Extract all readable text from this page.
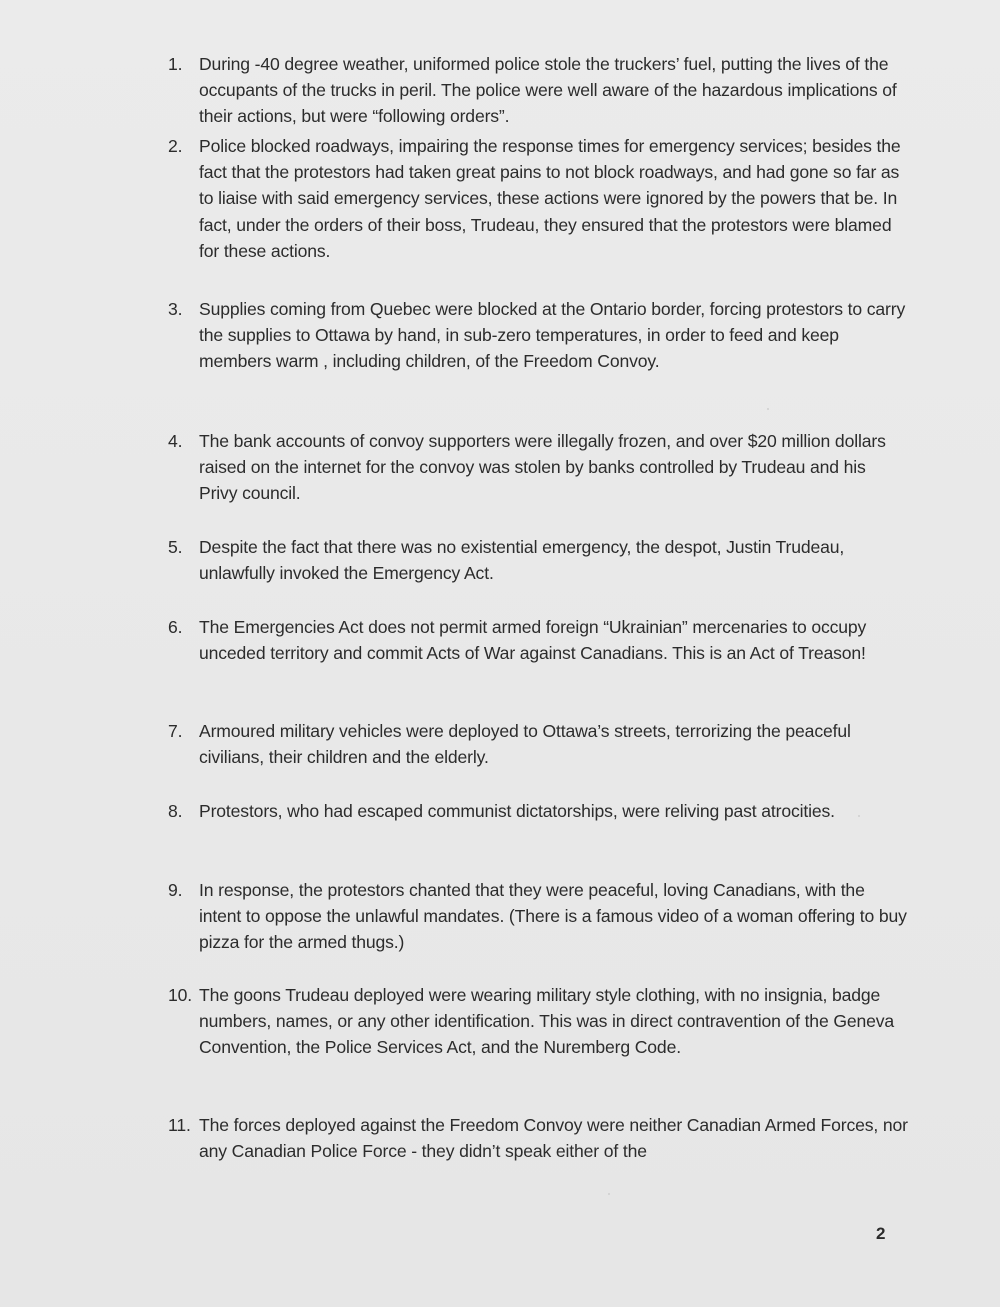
1. During -40 degree weather, uniformed police stole the truckers’ fuel, putting the lives of the occupants of the trucks in peril. The police were well aware of the hazardous implications of their actions, but were “following orders”.
2. Police blocked roadways, impairing the response times for emergency services; besides the fact that the protestors had taken great pains to not block roadways, and had gone so far as to liaise with said emergency services, these actions were ignored by the powers that be. In fact, under the orders of their boss, Trudeau, they ensured that the protestors were blamed for these actions.
3. Supplies coming from Quebec were blocked at the Ontario border, forcing protestors to carry the supplies to Ottawa by hand, in sub-zero temperatures, in order to feed and keep members warm , including children, of the Freedom Convoy.
4. The bank accounts of convoy supporters were illegally frozen, and over $20 million dollars raised on the internet for the convoy was stolen by banks controlled by Trudeau and his Privy council.
5. Despite the fact that there was no existential emergency, the despot, Justin Trudeau, unlawfully invoked the Emergency Act.
6. The Emergencies Act does not permit armed foreign “Ukrainian” mercenaries to occupy unceded territory and commit Acts of War against Canadians. This is an Act of Treason!
7. Armoured military vehicles were deployed to Ottawa’s streets, terrorizing the peaceful civilians, their children and the elderly.
8. Protestors, who had escaped communist dictatorships, were reliving past atrocities.
9. In response, the protestors chanted that they were peaceful, loving Canadians, with the intent to oppose the unlawful mandates. (There is a famous video of a woman offering to buy pizza for the armed thugs.)
10. The goons Trudeau deployed were wearing military style clothing, with no insignia, badge numbers, names, or any other identification. This was in direct contravention of the Geneva Convention, the Police Services Act, and the Nuremberg Code.
11. The forces deployed against the Freedom Convoy were neither Canadian Armed Forces, nor any Canadian Police Force - they didn’t speak either of the
2
